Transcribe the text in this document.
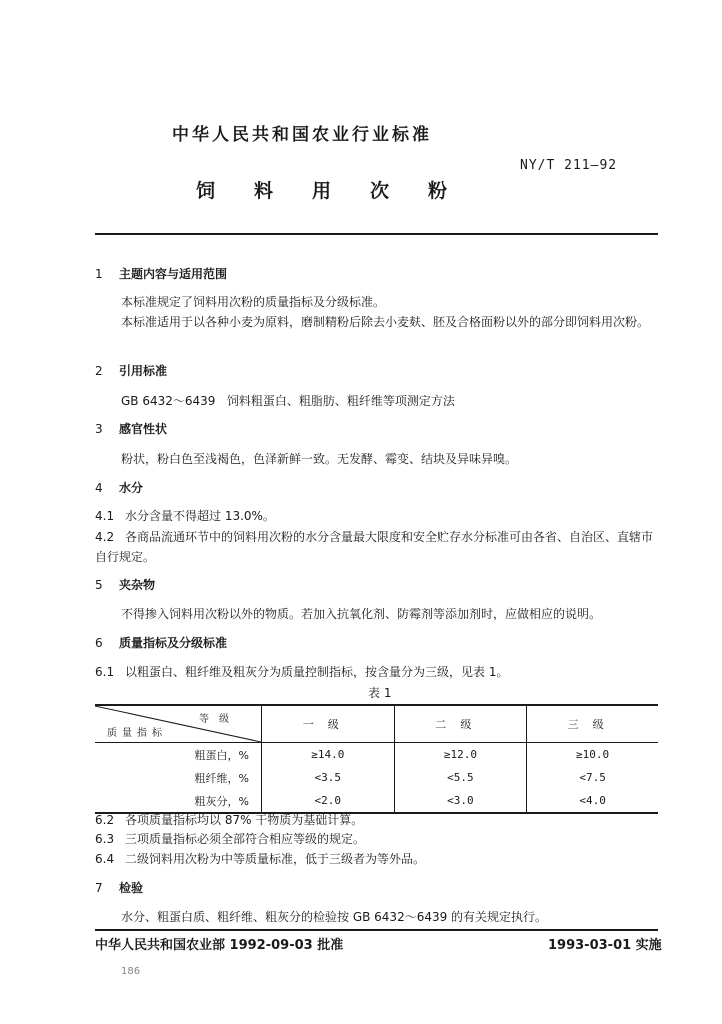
中华人民共和国农业行业标准
NY/T 211—92
饲料用次粉
1 主题内容与适用范围
本标准规定了饲料用次粉的质量指标及分级标准。
本标准适用于以各种小麦为原料，磨制精粉后除去小麦麸、胚及合格面粉以外的部分即饲料用次粉。
2 引用标准
GB 6432～6439 饲料粗蛋白、粗脂肪、粗纤维等项测定方法
3 感官性状
粉状，粉白色至浅褐色，色泽新鲜一致。无发酵、霉变、结块及异味异嗅。
4 水分
4.1 水分含量不得超过 13.0%。
4.2 各商品流通环节中的饲料用次粉的水分含量最大限度和安全贮存水分标准可由各省、自治区、直辖市自行规定。
5 夹杂物
不得掺入饲料用次粉以外的物质。若加入抗氧化剂、防霉剂等添加剂时，应做相应的说明。
6 质量指标及分级标准
6.1 以粗蛋白、粗纤维及粗灰分为质量控制指标，按含量分为三级，见表 1。
表 1
等级
质量指标	一级	二级	三级
粗蛋白，%	≥14.0	≥12.0	≥10.0
粗纤维，%	<3.5	<5.5	<7.5
粗灰分，%	<2.0	<3.0	<4.0
6.2 各项质量指标均以 87% 干物质为基础计算。
6.3 三项质量指标必须全部符合相应等级的规定。
6.4 二级饲料用次粉为中等质量标准，低于三级者为等外品。
7 检验
水分、粗蛋白质、粗纤维、粗灰分的检验按 GB 6432～6439 的有关规定执行。
中华人民共和国农业部 1992-09-03 批准	1993-03-01 实施
186
